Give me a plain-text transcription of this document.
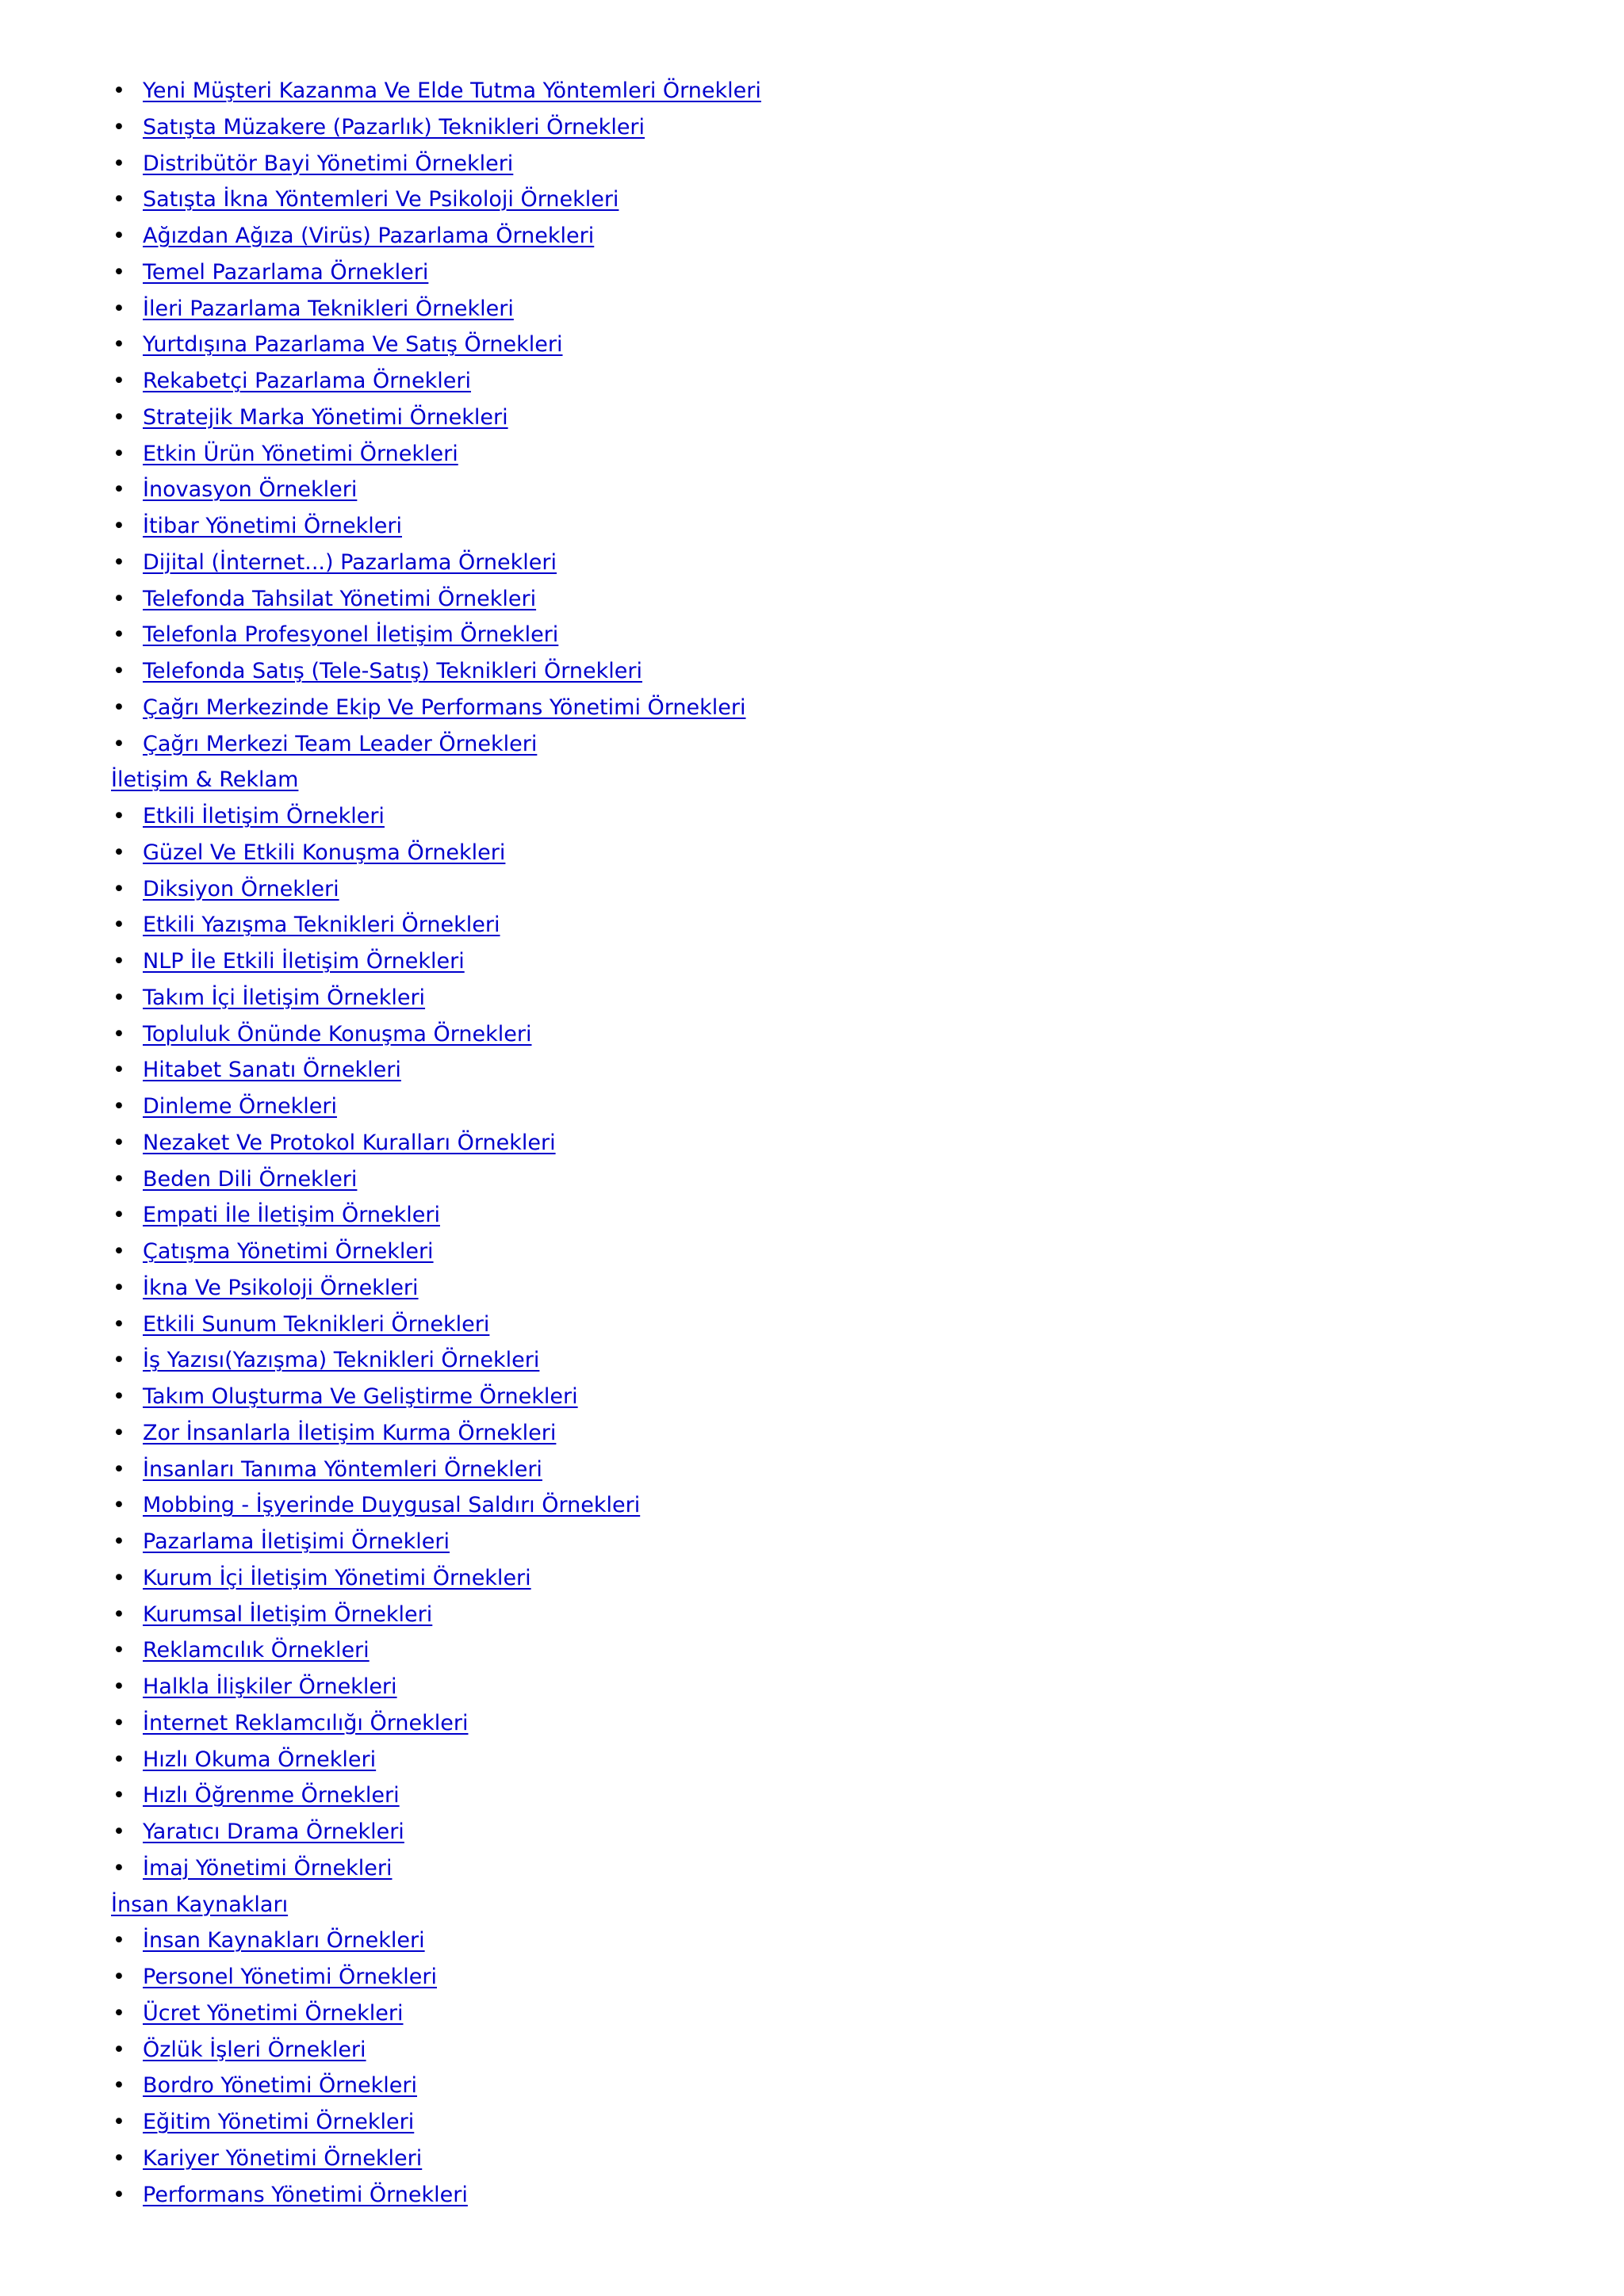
• Yeni Müşteri Kazanma Ve Elde Tutma Yöntemleri Örnekleri
• Satışta Müzakere (Pazarlık) Teknikleri Örnekleri
• Distribütör Bayi Yönetimi Örnekleri
• Satışta İkna Yöntemleri Ve Psikoloji Örnekleri
• Ağızdan Ağıza (Virüs) Pazarlama Örnekleri
• Temel Pazarlama Örnekleri
• İleri Pazarlama Teknikleri Örnekleri
• Yurtdışına Pazarlama Ve Satış Örnekleri
• Rekabetçi Pazarlama Örnekleri
• Stratejik Marka Yönetimi Örnekleri
• Etkin Ürün Yönetimi Örnekleri
• İnovasyon Örnekleri
• İtibar Yönetimi Örnekleri
• Dijital (İnternet...) Pazarlama Örnekleri
• Telefonda Tahsilat Yönetimi Örnekleri
• Telefonla Profesyonel İletişim Örnekleri
• Telefonda Satış (Tele-Satış) Teknikleri Örnekleri
• Çağrı Merkezinde Ekip Ve Performans Yönetimi Örnekleri
• Çağrı Merkezi Team Leader Örnekleri
İletişim & Reklam
• Etkili İletişim Örnekleri
• Güzel Ve Etkili Konuşma Örnekleri
• Diksiyon Örnekleri
• Etkili Yazışma Teknikleri Örnekleri
• NLP İle Etkili İletişim Örnekleri
• Takım İçi İletişim Örnekleri
• Topluluk Önünde Konuşma Örnekleri
• Hitabet Sanatı Örnekleri
• Dinleme Örnekleri
• Nezaket Ve Protokol Kuralları Örnekleri
• Beden Dili Örnekleri
• Empati İle İletişim Örnekleri
• Çatışma Yönetimi Örnekleri
• İkna Ve Psikoloji Örnekleri
• Etkili Sunum Teknikleri Örnekleri
• İş Yazısı(Yazışma) Teknikleri Örnekleri
• Takım Oluşturma Ve Geliştirme Örnekleri
• Zor İnsanlarla İletişim Kurma Örnekleri
• İnsanları Tanıma Yöntemleri Örnekleri
• Mobbing - İşyerinde Duygusal Saldırı Örnekleri
• Pazarlama İletişimi Örnekleri
• Kurum İçi İletişim Yönetimi Örnekleri
• Kurumsal İletişim Örnekleri
• Reklamcılık Örnekleri
• Halkla İlişkiler Örnekleri
• İnternet Reklamcılığı Örnekleri
• Hızlı Okuma Örnekleri
• Hızlı Öğrenme Örnekleri
• Yaratıcı Drama Örnekleri
• İmaj Yönetimi Örnekleri
İnsan Kaynakları
• İnsan Kaynakları Örnekleri
• Personel Yönetimi Örnekleri
• Ücret Yönetimi Örnekleri
• Özlük İşleri Örnekleri
• Bordro Yönetimi Örnekleri
• Eğitim Yönetimi Örnekleri
• Kariyer Yönetimi Örnekleri
• Performans Yönetimi Örnekleri
